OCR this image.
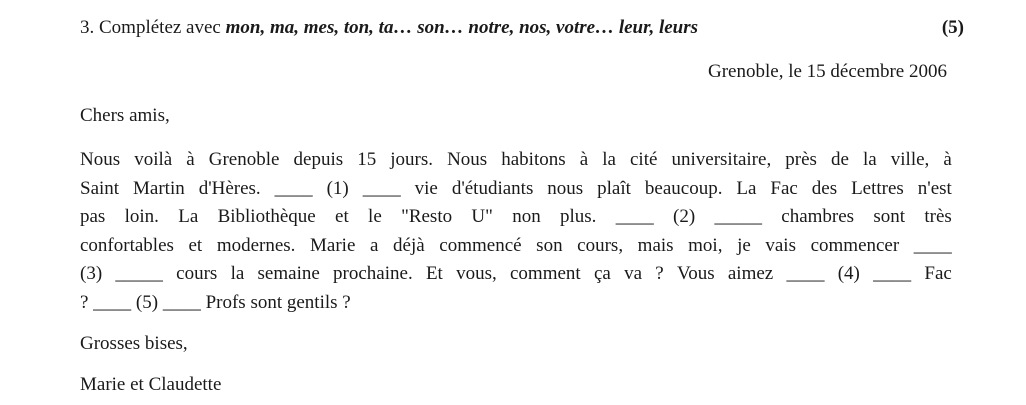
3. Complétez avec mon, ma, mes, ton, ta… son… notre, nos, votre… leur, leurs	(5)
Grenoble, le 15 décembre 2006
Chers amis,
Nous voilà à Grenoble depuis 15 jours. Nous habitons à la cité universitaire, près de la ville, à
Saint Martin d'Hères. ____ (1) ____ vie d'étudiants nous plaît beaucoup. La Fac des Lettres n'est
pas loin. La Bibliothèque et le "Resto U" non plus. ____ (2) _____ chambres sont très
confortables et modernes. Marie a déjà commencé son cours, mais moi, je vais commencer ____
(3) _____ cours la semaine prochaine. Et vous, comment ça va ? Vous aimez ____ (4) ____ Fac
? ____ (5) ____ Profs sont gentils ?
Grosses bises,
Marie et Claudette
